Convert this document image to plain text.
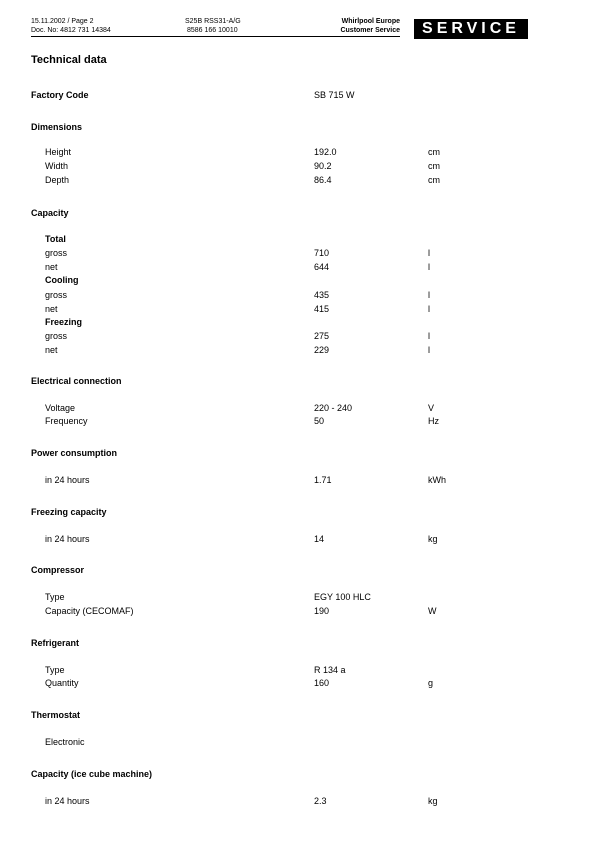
15.11.2002 / Page 2
Doc. No: 4812 731 14384
S25B RSS31-A/G
8586 166 10010
Whirlpool Europe
Customer Service	SERVICE
Technical data
Factory Code	SB 715 W
Dimensions
Height	192.0	cm
Width	90.2	cm
Depth	86.4	cm
Capacity
Total
gross	710	l
net	644	l
Cooling
gross	435	l
net	415	l
Freezing
gross	275	l
net	229	l
Electrical connection
Voltage	220 - 240	V
Frequency	50	Hz
Power consumption
in 24 hours	1.71	kWh
Freezing capacity
in 24 hours	14	kg
Compressor
Type	EGY 100 HLC
Capacity (CECOMAF)	190	W
Refrigerant
Type	R 134 a
Quantity	160	g
Thermostat
Electronic
Capacity (ice cube machine)
in 24 hours	2.3	kg
